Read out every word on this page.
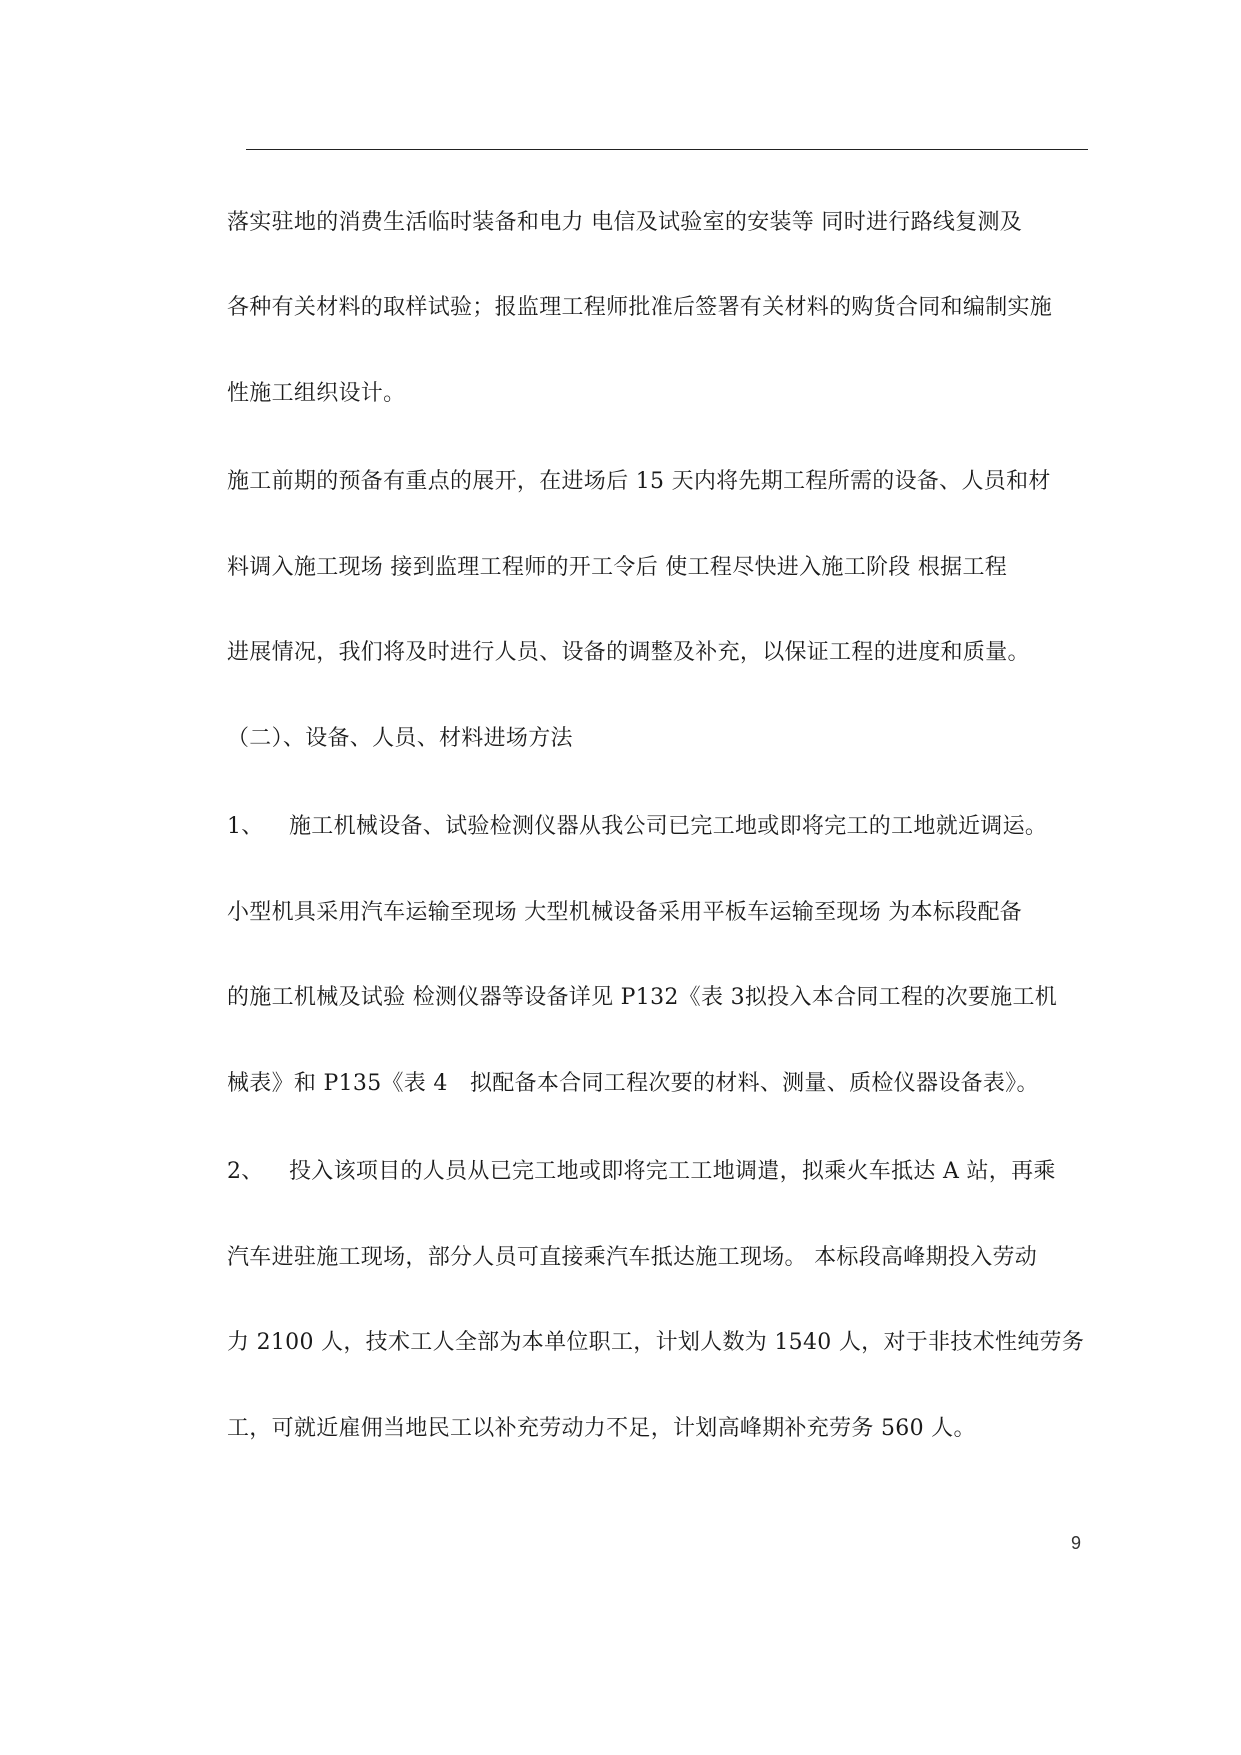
落实驻地的消费生活临时装备和电力 电信及试验室的安装等 同时进行路线复测及
各种有关材料的取样试验；报监理工程师批准后签署有关材料的购货合同和编制实施
性施工组织设计。
施工前期的预备有重点的展开，在进场后 15 天内将先期工程所需的设备、人员和材
料调入施工现场 接到监理工程师的开工令后 使工程尽快进入施工阶段 根据工程
进展情况，我们将及时进行人员、设备的调整及补充，以保证工程的进度和质量。
（二）、设备、人员、材料进场方法
1、 施工机械设备、试验检测仪器从我公司已完工地或即将完工的工地就近调运。
小型机具采用汽车运输至现场 大型机械设备采用平板车运输至现场 为本标段配备
的施工机械及试验 检测仪器等设备详见 P132《表 3拟投入本合同工程的次要施工机
械表》和 P135《表 4　拟配备本合同工程次要的材料、测量、质检仪器设备表》。
2、 投入该项目的人员从已完工地或即将完工工地调遣，拟乘火车抵达 A 站，再乘
汽车进驻施工现场，部分人员可直接乘汽车抵达施工现场。 本标段高峰期投入劳动
力 2100 人，技术工人全部为本单位职工，计划人数为 1540 人，对于非技术性纯劳务
工，可就近雇佣当地民工以补充劳动力不足，计划高峰期补充劳务 560 人。
9
